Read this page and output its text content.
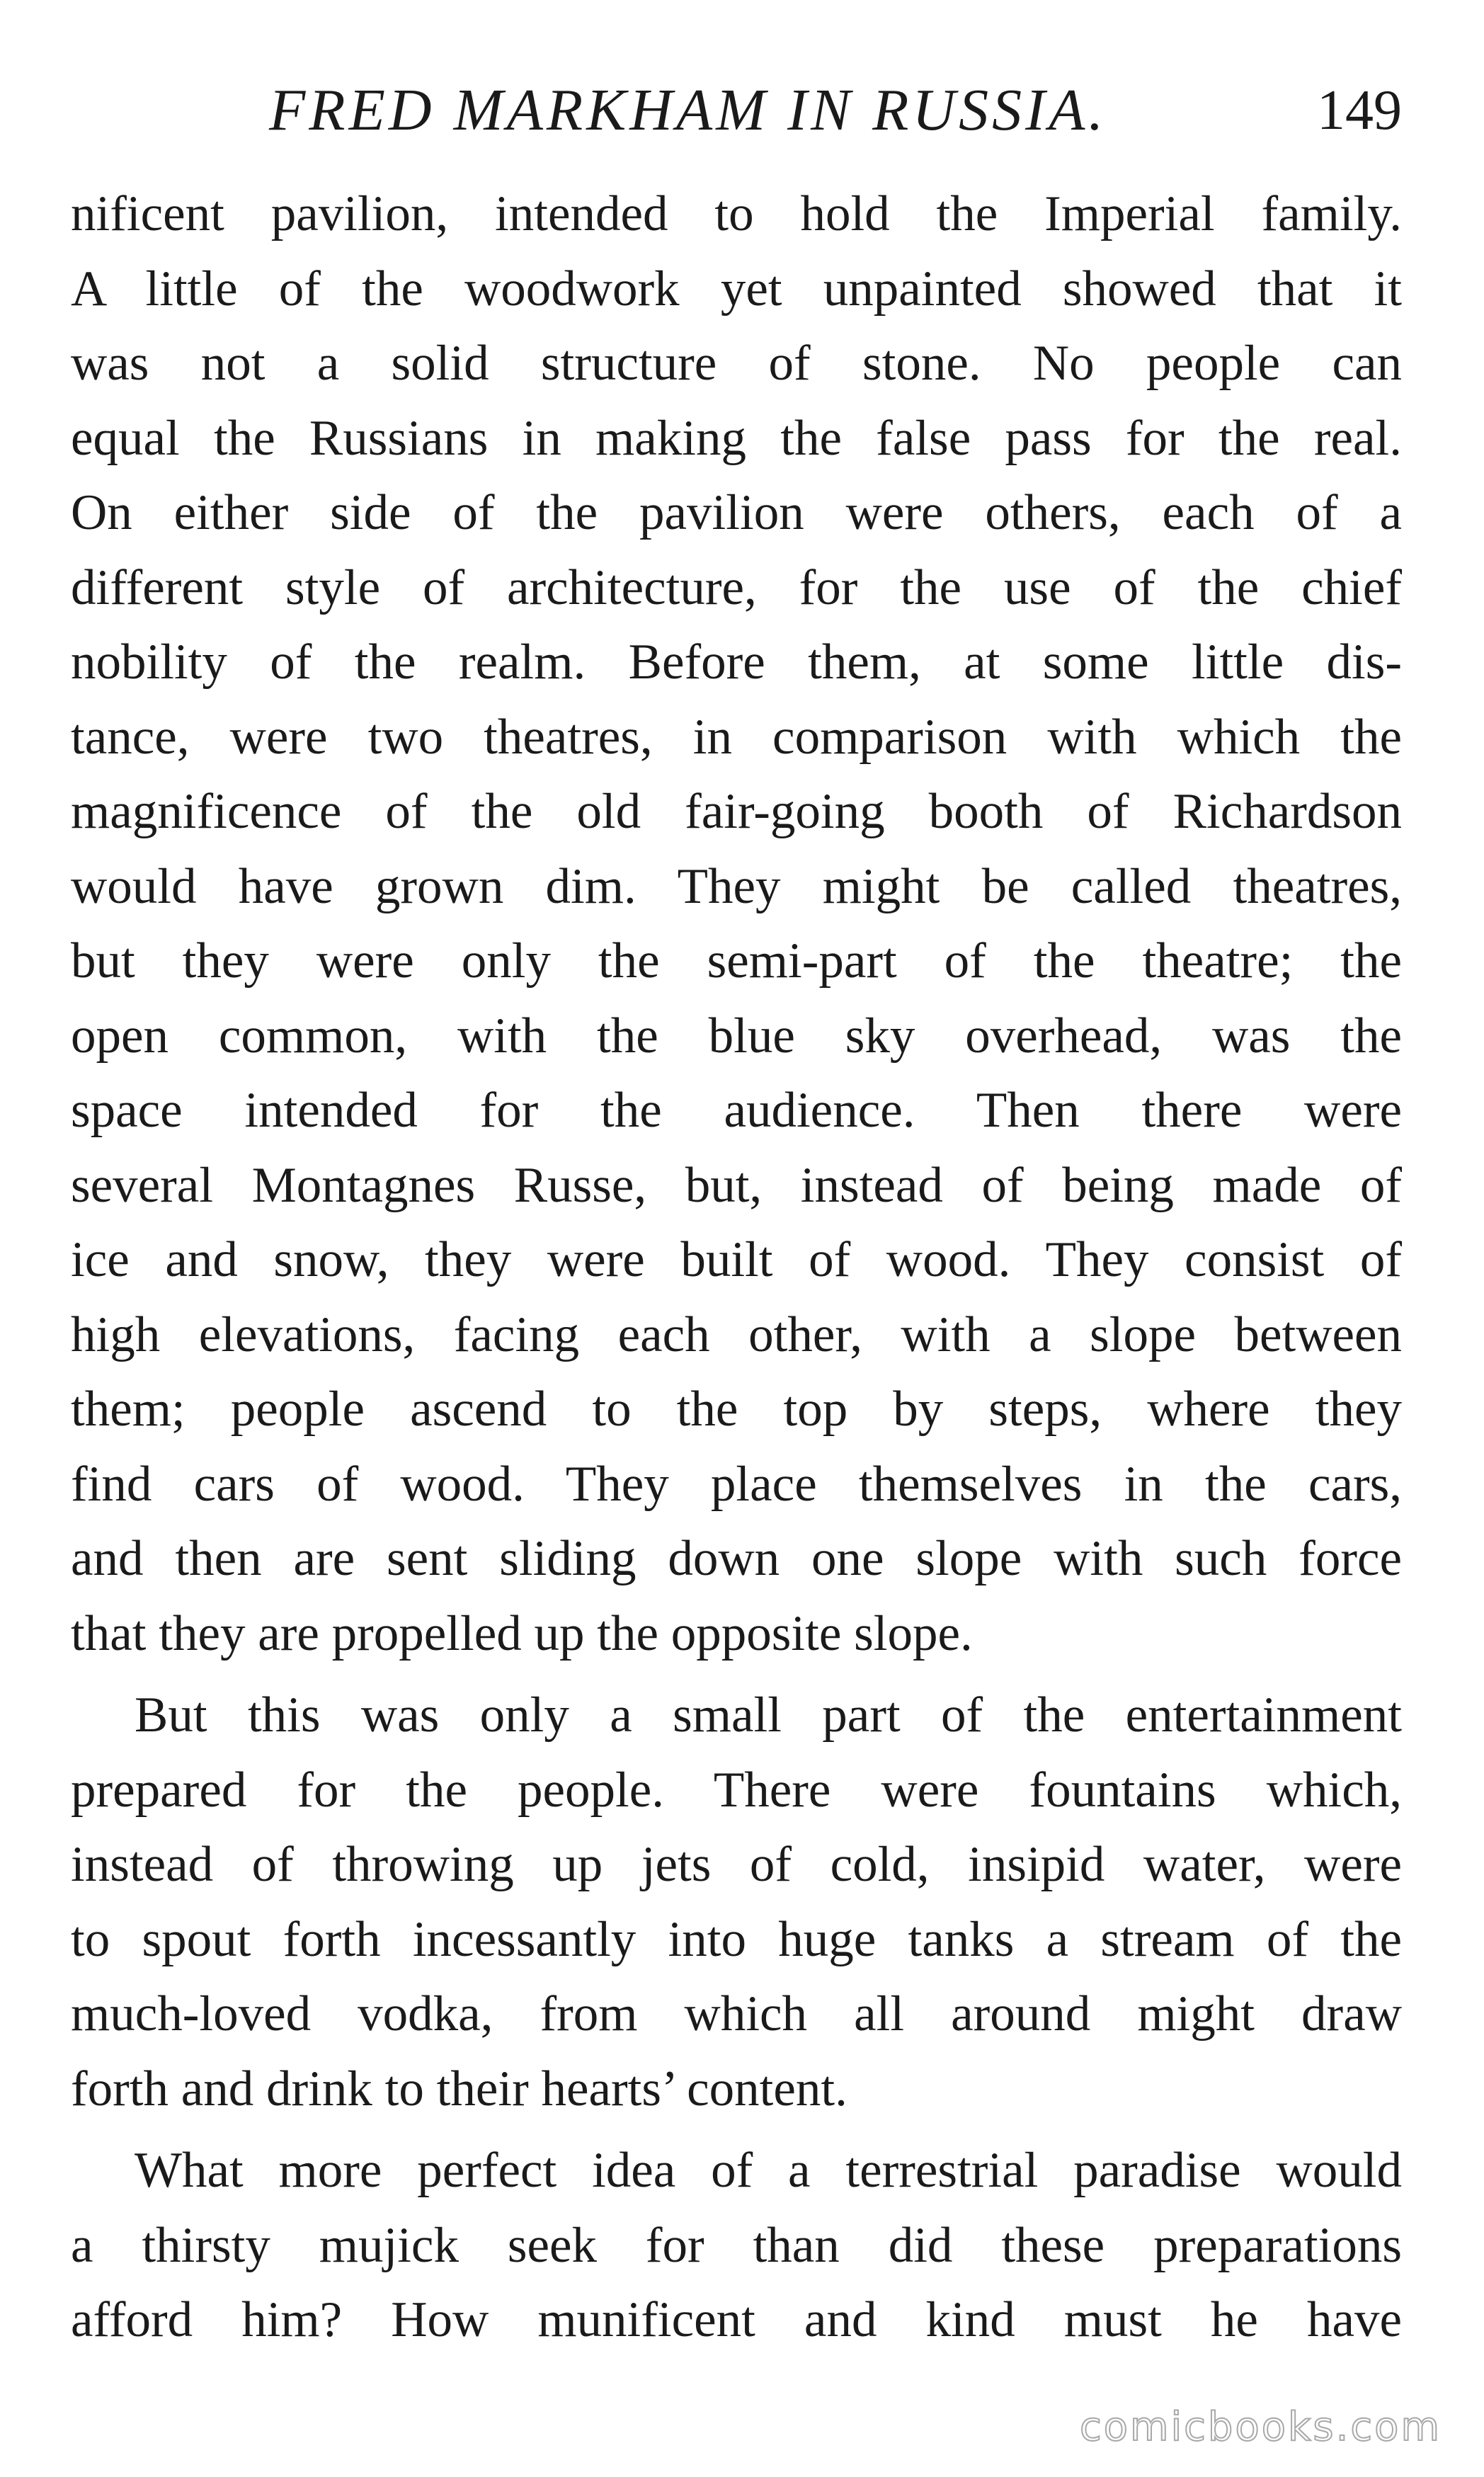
FRED MARKHAM IN RUSSIA.	149
nificent pavilion, intended to hold the Imperial family.
A little of the woodwork yet unpainted showed that it
was not a solid structure of stone. No people can
equal the Russians in making the false pass for the real.
On either side of the pavilion were others, each of a
different style of architecture, for the use of the chief
nobility of the realm. Before them, at some little dis-
tance, were two theatres, in comparison with which the
magnificence of the old fair-going booth of Richardson
would have grown dim. They might be called theatres,
but they were only the semi-part of the theatre; the
open common, with the blue sky overhead, was the
space intended for the audience. Then there were
several Montagnes Russe, but, instead of being made of
ice and snow, they were built of wood. They consist of
high elevations, facing each other, with a slope between
them; people ascend to the top by steps, where they
find cars of wood. They place themselves in the cars,
and then are sent sliding down one slope with such force
that they are propelled up the opposite slope.
But this was only a small part of the entertainment
prepared for the people. There were fountains which,
instead of throwing up jets of cold, insipid water, were
to spout forth incessantly into huge tanks a stream of the
much-loved vodka, from which all around might draw
forth and drink to their hearts’ content.
What more perfect idea of a terrestrial paradise would
a thirsty mujick seek for than did these preparations
afford him? How munificent and kind must he have
comicbooks.com
